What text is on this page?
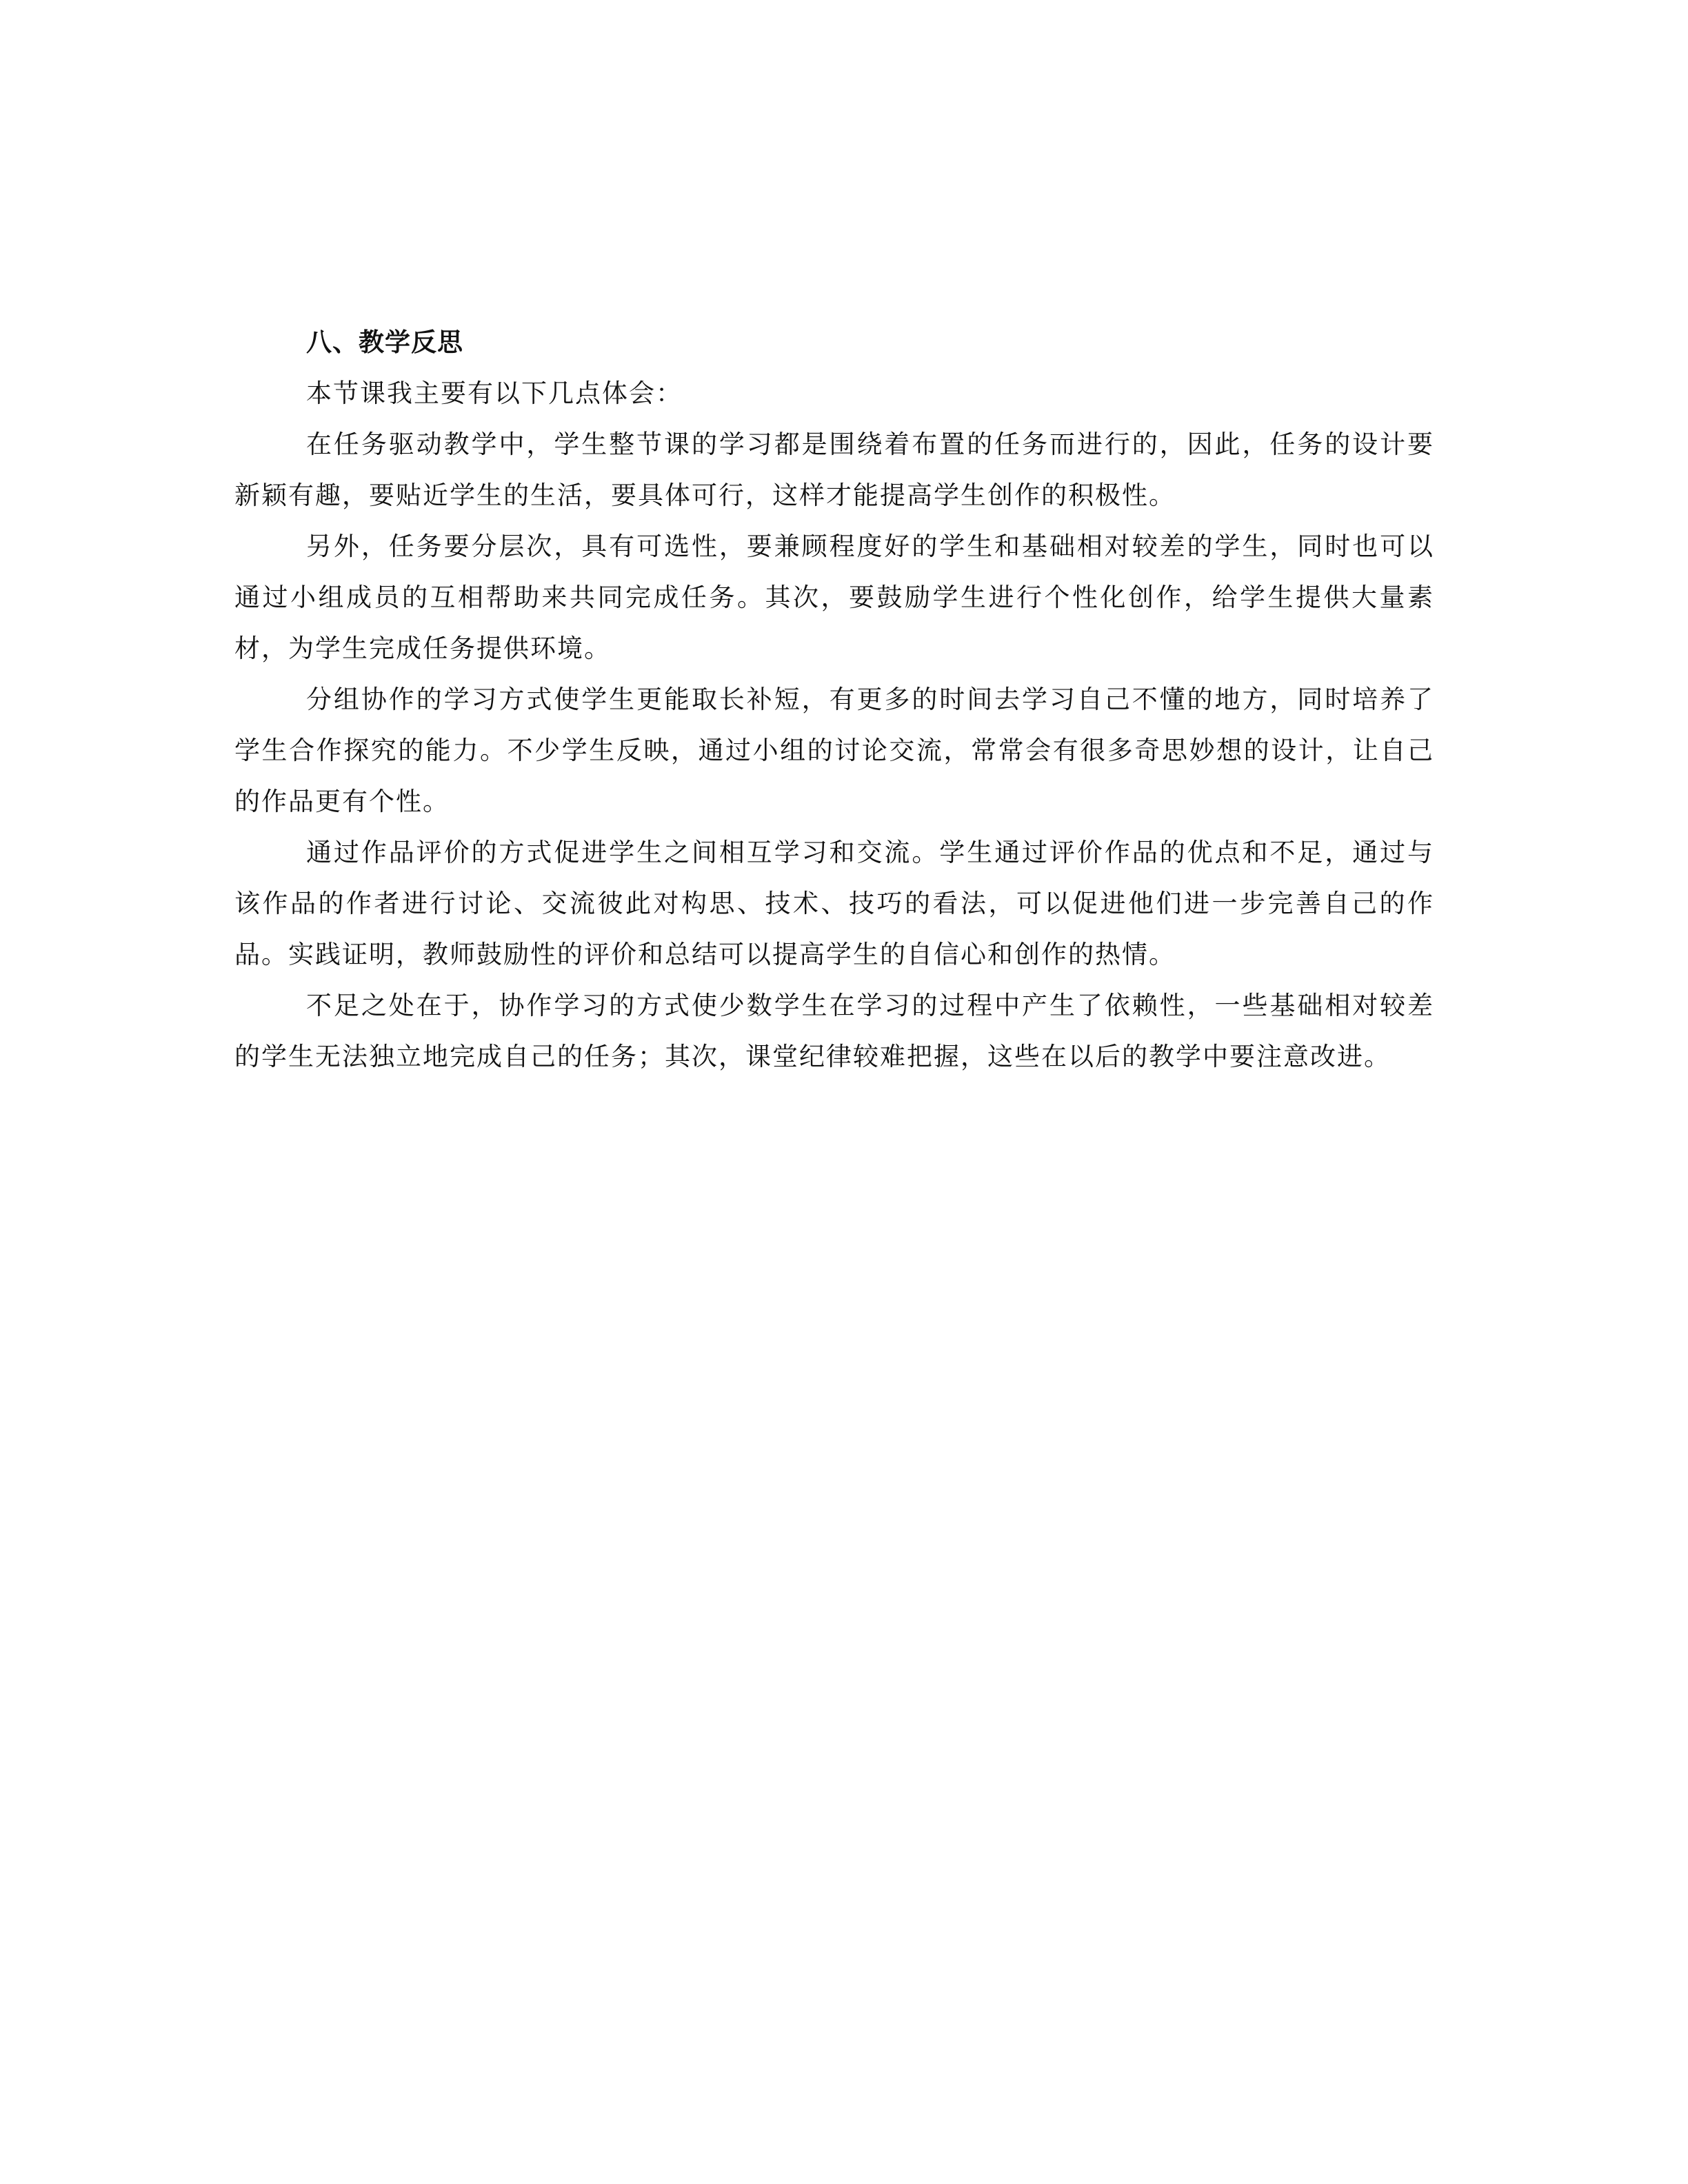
八、教学反思

本节课我主要有以下几点体会：

在任务驱动教学中，学生整节课的学习都是围绕着布置的任务而进行的，因此，任务的设计要新颖有趣，要贴近学生的生活，要具体可行，这样才能提高学生创作的积极性。

另外，任务要分层次，具有可选性，要兼顾程度好的学生和基础相对较差的学生，同时也可以通过小组成员的互相帮助来共同完成任务。其次，要鼓励学生进行个性化创作，给学生提供大量素材，为学生完成任务提供环境。

分组协作的学习方式使学生更能取长补短，有更多的时间去学习自己不懂的地方，同时培养了学生合作探究的能力。不少学生反映，通过小组的讨论交流，常常会有很多奇思妙想的设计，让自己的作品更有个性。

通过作品评价的方式促进学生之间相互学习和交流。学生通过评价作品的优点和不足，通过与该作品的作者进行讨论、交流彼此对构思、技术、技巧的看法，可以促进他们进一步完善自己的作品。实践证明，教师鼓励性的评价和总结可以提高学生的自信心和创作的热情。

不足之处在于，协作学习的方式使少数学生在学习的过程中产生了依赖性，一些基础相对较差的学生无法独立地完成自己的任务；其次，课堂纪律较难把握，这些在以后的教学中要注意改进。
